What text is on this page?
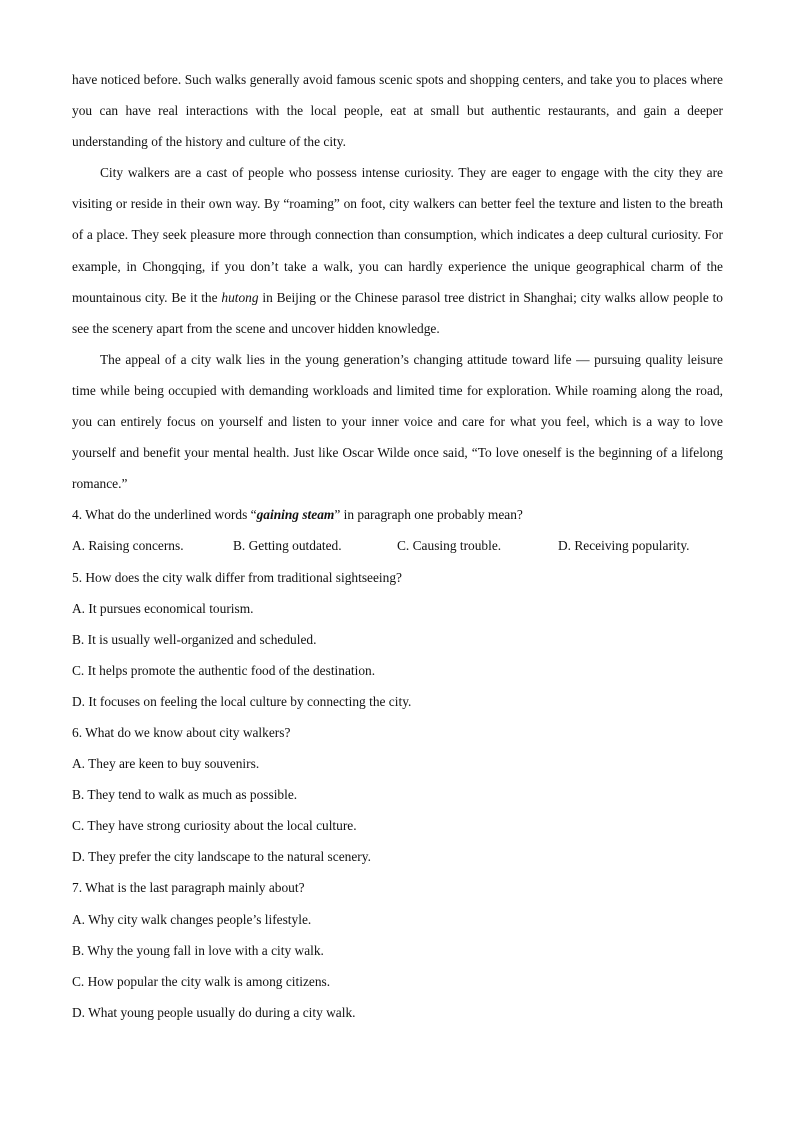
have noticed before. Such walks generally avoid famous scenic spots and shopping centers, and take you to places where you can have real interactions with the local people, eat at small but authentic restaurants, and gain a deeper understanding of the history and culture of the city.

City walkers are a cast of people who possess intense curiosity. They are eager to engage with the city they are visiting or reside in their own way. By “roaming” on foot, city walkers can better feel the texture and listen to the breath of a place. They seek pleasure more through connection than consumption, which indicates a deep cultural curiosity. For example, in Chongqing, if you don’t take a walk, you can hardly experience the unique geographical charm of the mountainous city. Be it the hutong in Beijing or the Chinese parasol tree district in Shanghai; city walks allow people to see the scenery apart from the scene and uncover hidden knowledge.

The appeal of a city walk lies in the young generation’s changing attitude toward life — pursuing quality leisure time while being occupied with demanding workloads and limited time for exploration. While roaming along the road, you can entirely focus on yourself and listen to your inner voice and care for what you feel, which is a way to love yourself and benefit your mental health. Just like Oscar Wilde once said, “To love oneself is the beginning of a lifelong romance.”

4. What do the underlined words “gaining steam” in paragraph one probably mean?
A. Raising concerns.	B. Getting outdated.	C. Causing trouble.	D. Receiving popularity.
5. How does the city walk differ from traditional sightseeing?
A. It pursues economical tourism.
B. It is usually well-organized and scheduled.
C. It helps promote the authentic food of the destination.
D. It focuses on feeling the local culture by connecting the city.
6. What do we know about city walkers?
A. They are keen to buy souvenirs.
B. They tend to walk as much as possible.
C. They have strong curiosity about the local culture.
D. They prefer the city landscape to the natural scenery.
7. What is the last paragraph mainly about?
A. Why city walk changes people’s lifestyle.
B. Why the young fall in love with a city walk.
C. How popular the city walk is among citizens.
D. What young people usually do during a city walk.
